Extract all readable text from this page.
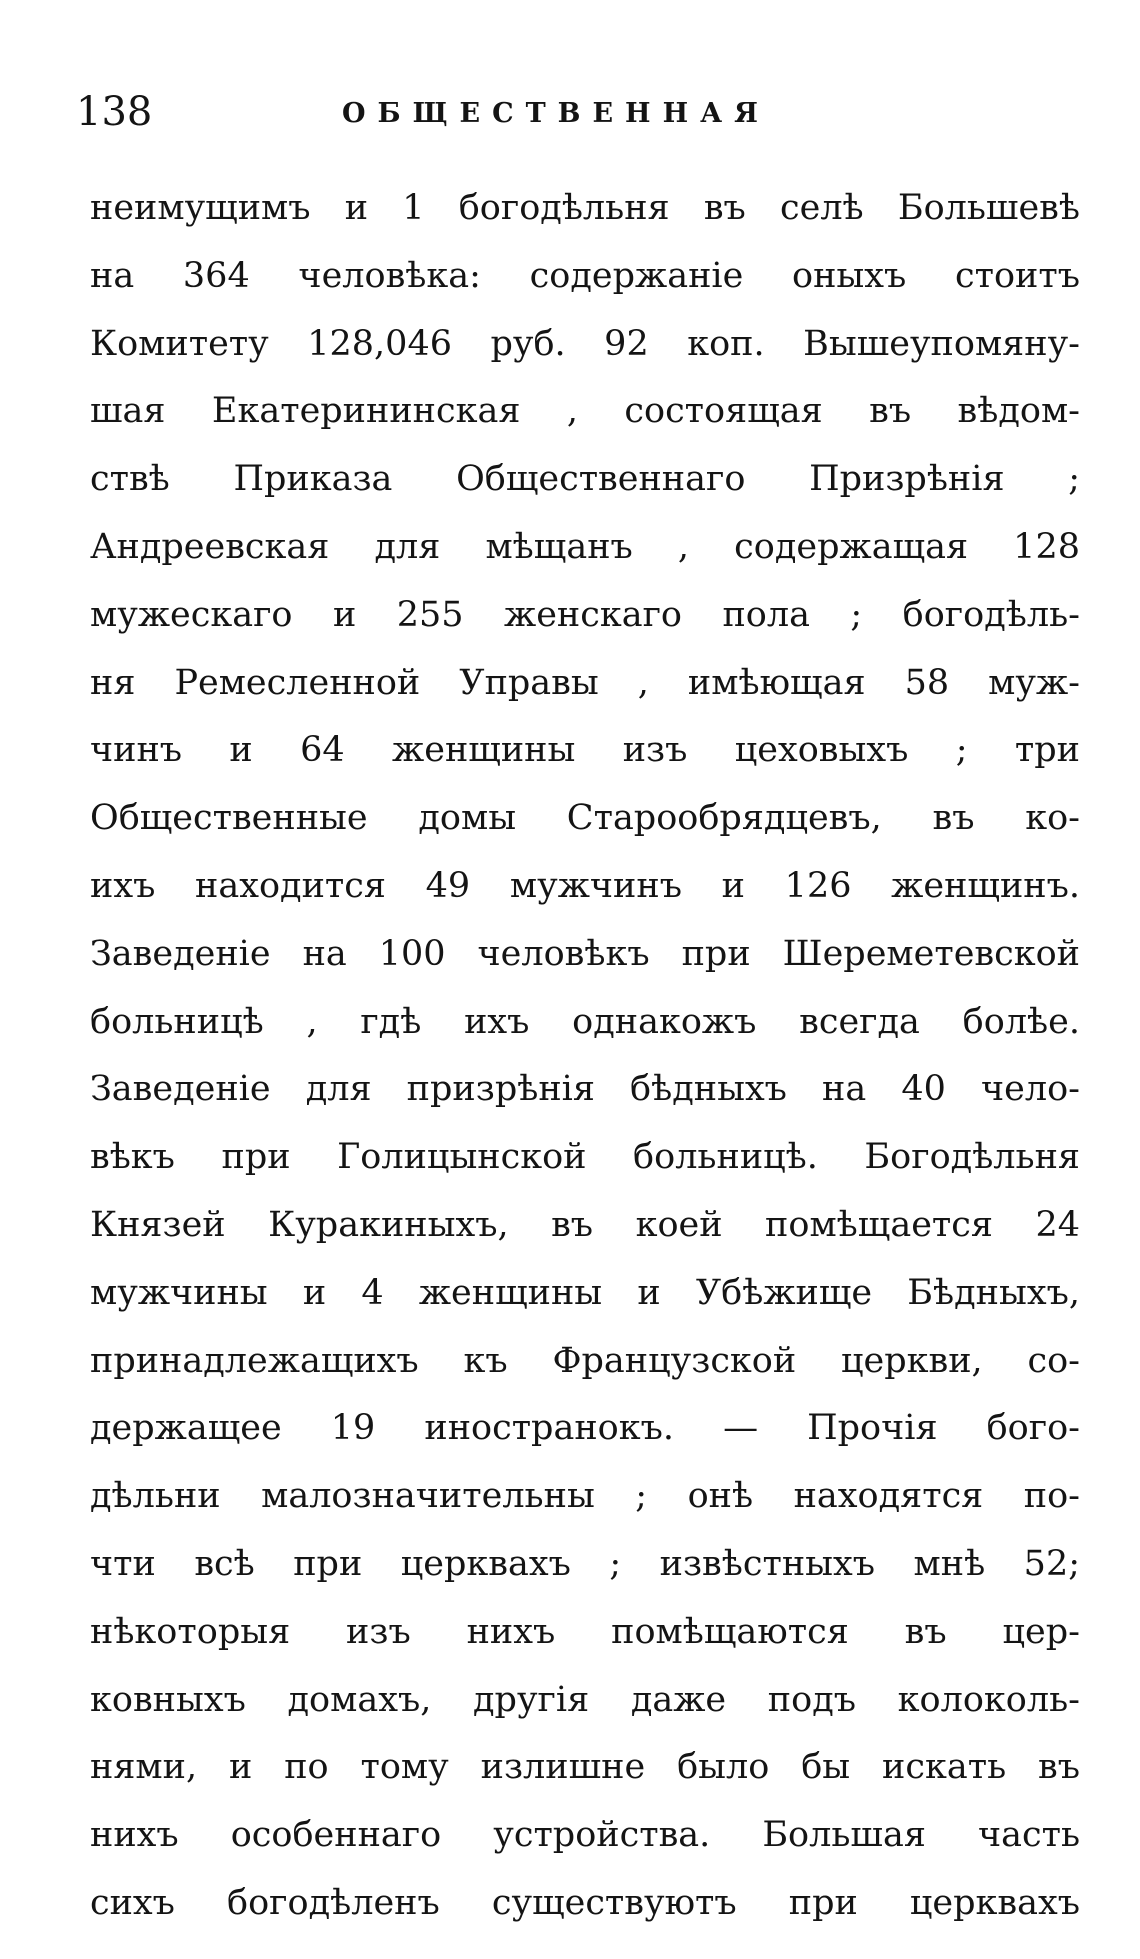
138	ОБЩЕСТВЕННАЯ
неимущимъ и 1 богодѣльня въ селѣ Большевѣ
на 364 человѣка: содержаніе оныхъ стоитъ
Комитету 128,046 руб. 92 коп. Вышеупомяну-
шая Екатерининская , состоящая въ вѣдом-
ствѣ Приказа Общественнаго Призрѣнія ;
Андреевская для мѣщанъ , содержащая 128
мужескаго и 255 женскаго пола ; богодѣль-
ня Ремесленной Управы , имѣющая 58 муж-
чинъ и 64 женщины изъ цеховыхъ ; три
Общественные домы Старообрядцевъ, въ ко-
ихъ находится 49 мужчинъ и 126 женщинъ.
Заведеніе на 100 человѣкъ при Шереметевской
больницѣ , гдѣ ихъ однакожъ всегда болѣе.
Заведеніе для призрѣнія бѣдныхъ на 40 чело-
вѣкъ при Голицынской больницѣ. Богодѣльня
Князей Куракиныхъ, въ коей помѣщается 24
мужчины и 4 женщины и Убѣжище Бѣдныхъ,
принадлежащихъ къ Французской церкви, со-
держащее 19 иностранокъ. — Прочія бого-
дѣльни малозначительны ; онѣ находятся по-
чти всѣ при церквахъ ; извѣстныхъ мнѣ 52;
нѣкоторыя изъ нихъ помѣщаются въ цер-
ковныхъ домахъ, другія даже подъ колоколь-
нями, и по тому излишне было бы искать въ
нихъ особеннаго устройства. Большая часть
сихъ богодѣленъ существуютъ при церквахъ
